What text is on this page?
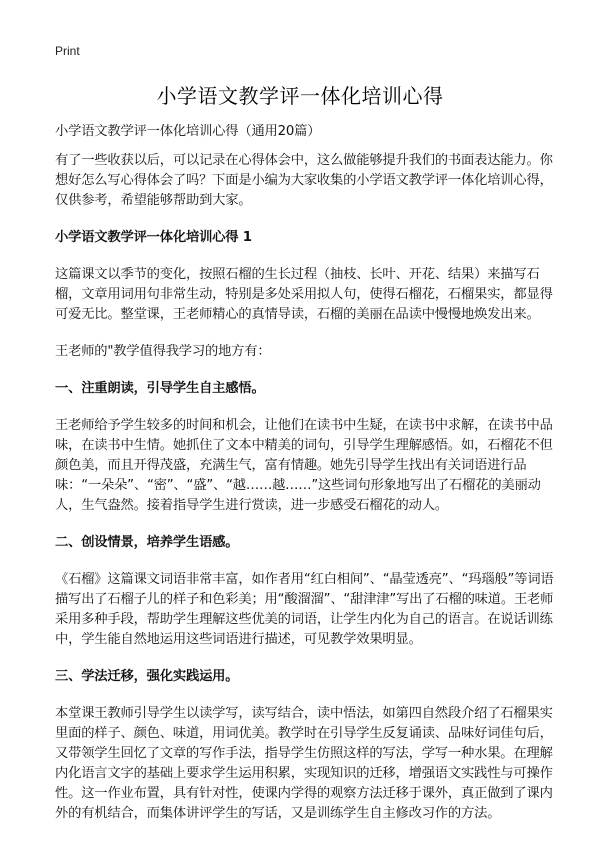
Print
小学语文教学评一体化培训心得

小学语文教学评一体化培训心得（通用20篇）

有了一些收获以后，可以记录在心得体会中，这么做能够提升我们的书面表达能力。你想好怎么写心得体会了吗？下面是小编为大家收集的小学语文教学评一体化培训心得，仅供参考，希望能够帮助到大家。

小学语文教学评一体化培训心得 1

这篇课文以季节的变化，按照石榴的生长过程（抽枝、长叶、开花、结果）来描写石榴，文章用词用句非常生动，特别是多处采用拟人句，使得石榴花，石榴果实，都显得可爱无比。整堂课，王老师精心的真情导读，石榴的美丽在品读中慢慢地焕发出来。

王老师的"教学值得我学习的地方有：

一、注重朗读，引导学生自主感悟。

王老师给予学生较多的时间和机会，让他们在读书中生疑，在读书中求解，在读书中品味，在读书中生情。她抓住了文本中精美的词句，引导学生理解感悟。如，石榴花不但颜色美，而且开得茂盛，充满生气，富有情趣。她先引导学生找出有关词语进行品味：“一朵朵”、“密”、“盛”、“越……越……”这些词句形象地写出了石榴花的美丽动人，生气盎然。接着指导学生进行赏读，进一步感受石榴花的动人。

二、创设情景，培养学生语感。

《石榴》这篇课文词语非常丰富，如作者用“红白相间”、“晶莹透亮”、“玛瑙般”等词语描写出了石榴子儿的样子和色彩美；用“酸溜溜”、“甜津津”写出了石榴的味道。王老师采用多种手段，帮助学生理解这些优美的词语，让学生内化为自己的语言。在说话训练中，学生能自然地运用这些词语进行描述，可见教学效果明显。

三、学法迁移，强化实践运用。

本堂课王教师引导学生以读学写，读写结合，读中悟法，如第四自然段介绍了石榴果实里面的样子、颜色、味道，用词优美。教学时在引导学生反复诵读、品味好词佳句后，又带领学生回忆了文章的写作手法，指导学生仿照这样的写法，学写一种水果。在理解内化语言文字的基础上要求学生运用积累，实现知识的迁移，增强语文实践性与可操作性。这一作业布置，具有针对性，使课内学得的观察方法迁移于课外，真正做到了课内外的有机结合，而集体讲评学生的写话，又是训练学生自主修改习作的方法。
